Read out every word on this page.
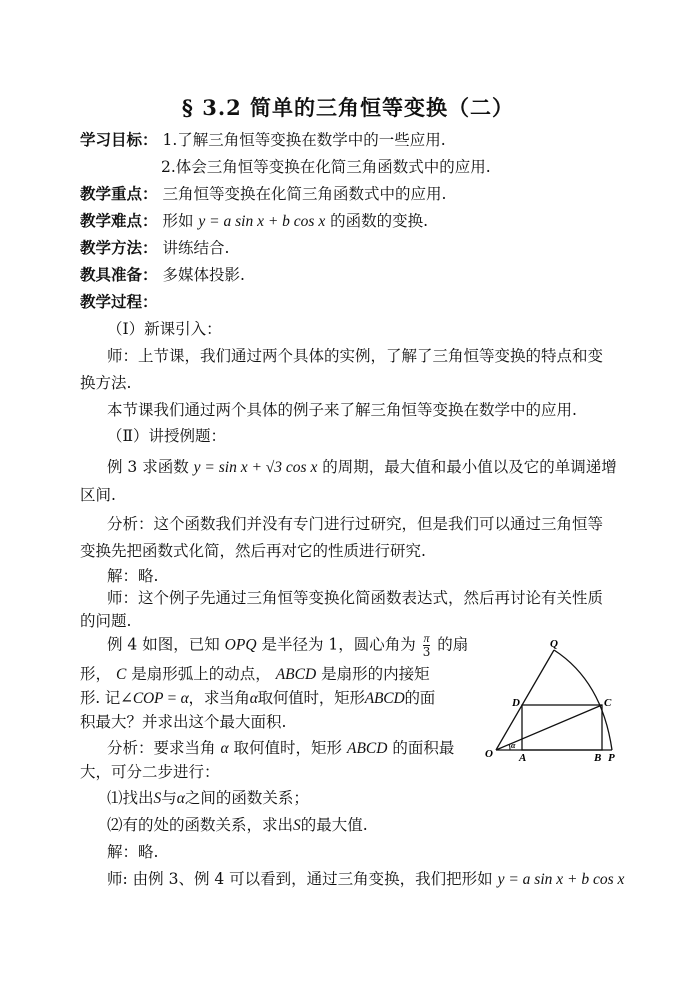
§ 3.2 简单的三角恒等变换（二）
学习目标： 1.了解三角恒等变换在数学中的一些应用.
2.体会三角恒等变换在化简三角函数式中的应用.
教学重点： 三角恒等变换在化简三角函数式中的应用.
教学难点： 形如 y = a sin x + b cos x 的函数的变换.
教学方法： 讲练结合.
教具准备： 多媒体投影.
教学过程：
（Ⅰ）新课引入：
师：上节课，我们通过两个具体的实例，了解了三角恒等变换的特点和变
换方法.
本节课我们通过两个具体的例子来了解三角恒等变换在数学中的应用.
（Ⅱ）讲授例题：
例 3 求函数 y = sin x + √3 cos x 的周期，最大值和最小值以及它的单调递增
区间.
分析：这个函数我们并没有专门进行过研究，但是我们可以通过三角恒等
变换先把函数式化简，然后再对它的性质进行研究.
解：略.
师：这个例子先通过三角恒等变换化简函数表达式，然后再讨论有关性质
的问题.
例 4 如图，已知 OPQ 是半径为 1，圆心角为 $\frac{\pi}{3}$ 的扇
形， C 是扇形弧上的动点， ABCD 是扇形的内接矩
形. 记∠COP = α，求当角α取何值时，矩形ABCD的面
积最大？并求出这个最大面积.
分析：要求当角 α 取何值时，矩形 ABCD 的面积最
大，可分二步进行：
⑴找出S与α之间的函数关系；
⑵有的处的函数关系，求出S的最大值.
解：略.
师: 由例 3、例 4 可以看到，通过三角变换，我们把形如 y = a sin x + b cos x
Q
D	C
O A	B P
α
